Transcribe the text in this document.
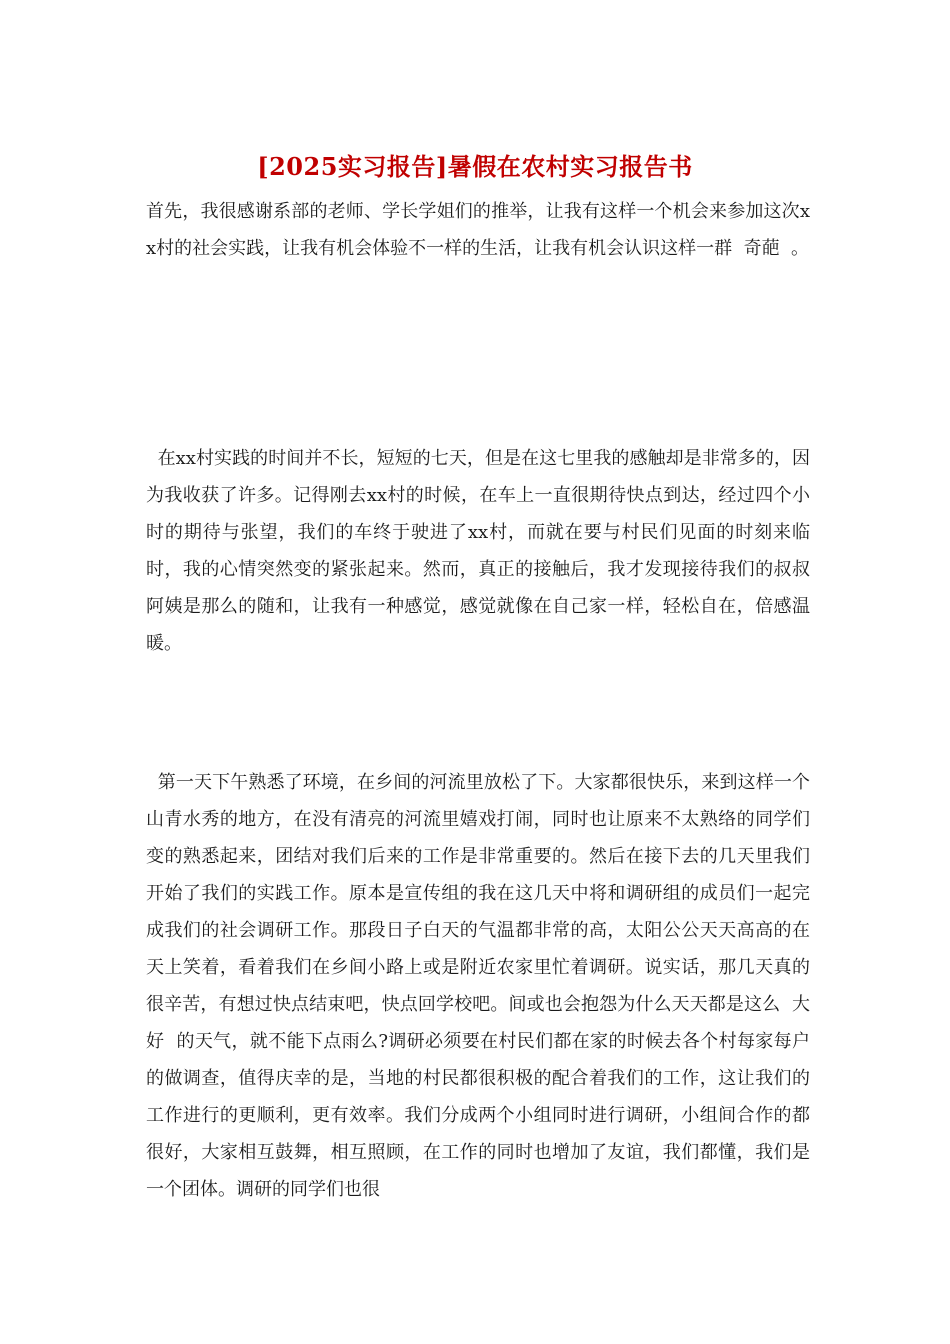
[2025实习报告]暑假在农村实习报告书

首先，我很感谢系部的老师、学长学姐们的推举，让我有这样一个机会来参加这次xx村的社会实践，让我有机会体验不一样的生活，让我有机会认识这样一群  奇葩  。

在xx村实践的时间并不长，短短的七天，但是在这七里我的感触却是非常多的，因为我收获了许多。记得刚去xx村的时候，在车上一直很期待快点到达，经过四个小时的期待与张望，我们的车终于驶进了xx村，而就在要与村民们见面的时刻来临时，我的心情突然变的紧张起来。然而，真正的接触后，我才发现接待我们的叔叔阿姨是那么的随和，让我有一种感觉，感觉就像在自己家一样，轻松自在，倍感温暖。

第一天下午熟悉了环境，在乡间的河流里放松了下。大家都很快乐，来到这样一个山青水秀的地方，在没有清亮的河流里嬉戏打闹，同时也让原来不太熟络的同学们变的熟悉起来，团结对我们后来的工作是非常重要的。然后在接下去的几天里我们开始了我们的实践工作。原本是宣传组的我在这几天中将和调研组的成员们一起完成我们的社会调研工作。那段日子白天的气温都非常的高，太阳公公天天高高的在天上笑着，看着我们在乡间小路上或是附近农家里忙着调研。说实话，那几天真的很辛苦，有想过快点结束吧，快点回学校吧。间或也会抱怨为什么天天都是这么  大好  的天气，就不能下点雨么?调研必须要在村民们都在家的时候去各个村每家每户的做调查，值得庆幸的是，当地的村民都很积极的配合着我们的工作，这让我们的工作进行的更顺利，更有效率。我们分成两个小组同时进行调研，小组间合作的都很好，大家相互鼓舞，相互照顾，在工作的同时也增加了友谊，我们都懂，我们是一个团体。调研的同学们也很
